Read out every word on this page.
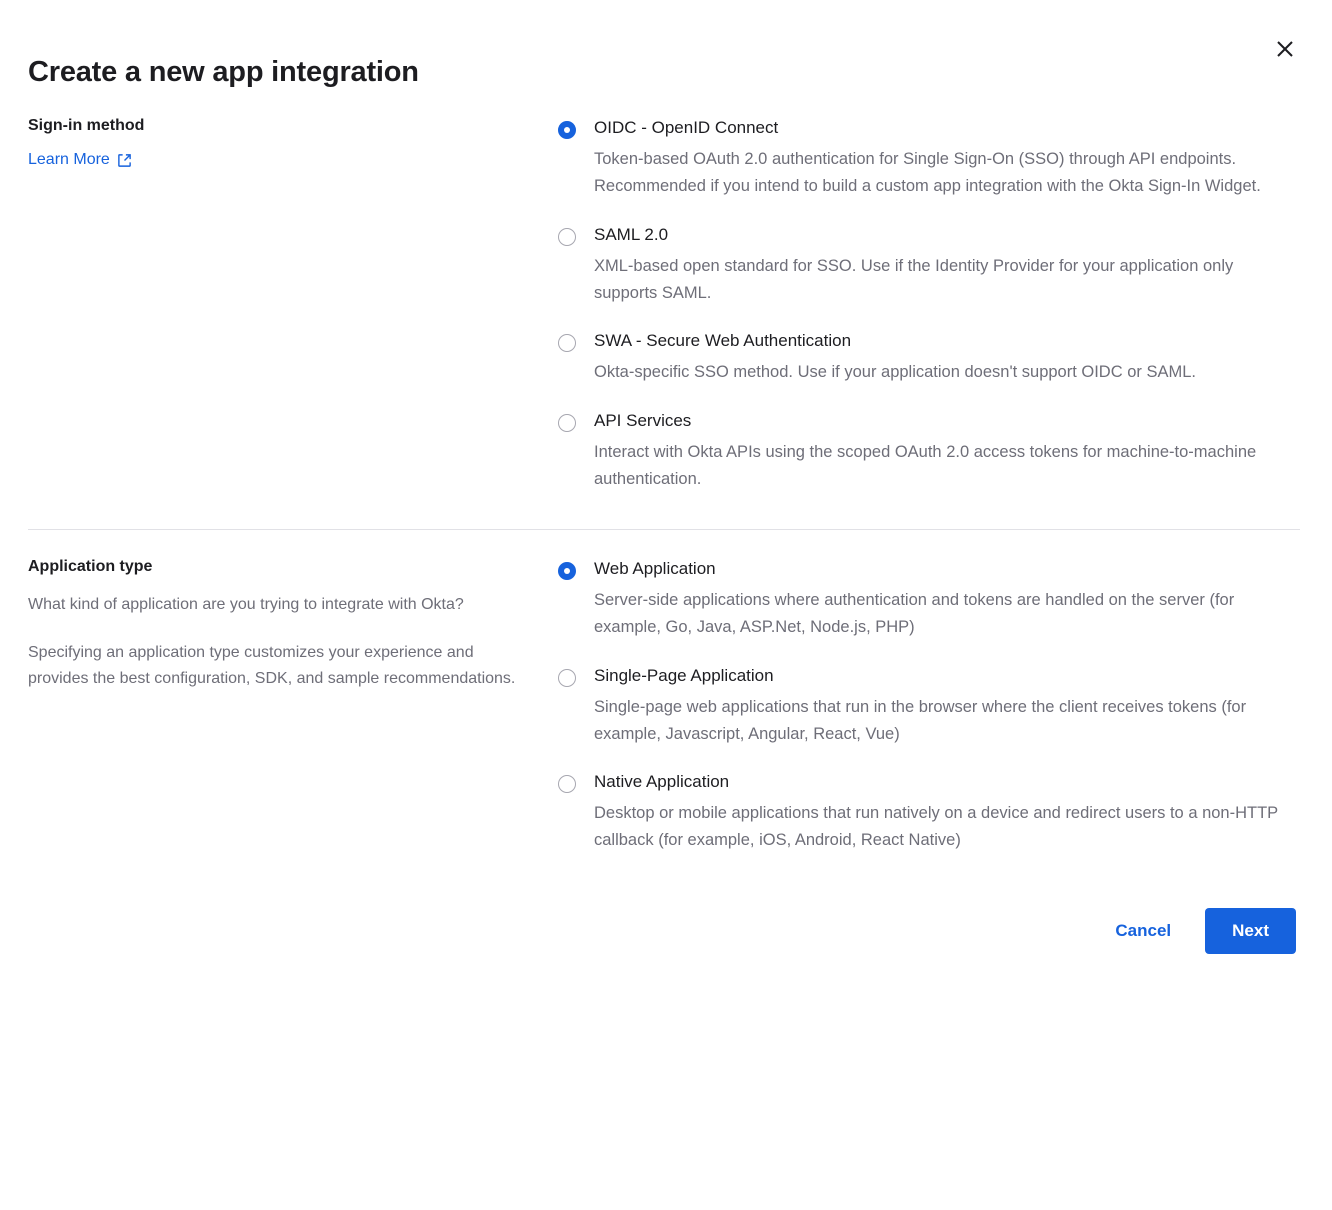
Create a new app integration
Sign-in method
Learn More

OIDC - OpenID Connect

Token-based OAuth 2.0 authentication for Single Sign-On (SSO) through API endpoints. Recommended if you intend to build a custom app integration with the Okta Sign-In Widget.

SAML 2.0

XML-based open standard for SSO. Use if the Identity Provider for your application only supports SAML.

SWA - Secure Web Authentication

Okta-specific SSO method. Use if your application doesn't support OIDC or SAML.

API Services

Interact with Okta APIs using the scoped OAuth 2.0 access tokens for machine-to-machine authentication.

Application type

What kind of application are you trying to integrate with Okta?

Specifying an application type customizes your experience and provides the best configuration, SDK, and sample recommendations.

Web Application

Server-side applications where authentication and tokens are handled on the server (for example, Go, Java, ASP.Net, Node.js, PHP)

Single-Page Application

Single-page web applications that run in the browser where the client receives tokens (for example, Javascript, Angular, React, Vue)

Native Application

Desktop or mobile applications that run natively on a device and redirect users to a non-HTTP callback (for example, iOS, Android, React Native)

Cancel	Next
